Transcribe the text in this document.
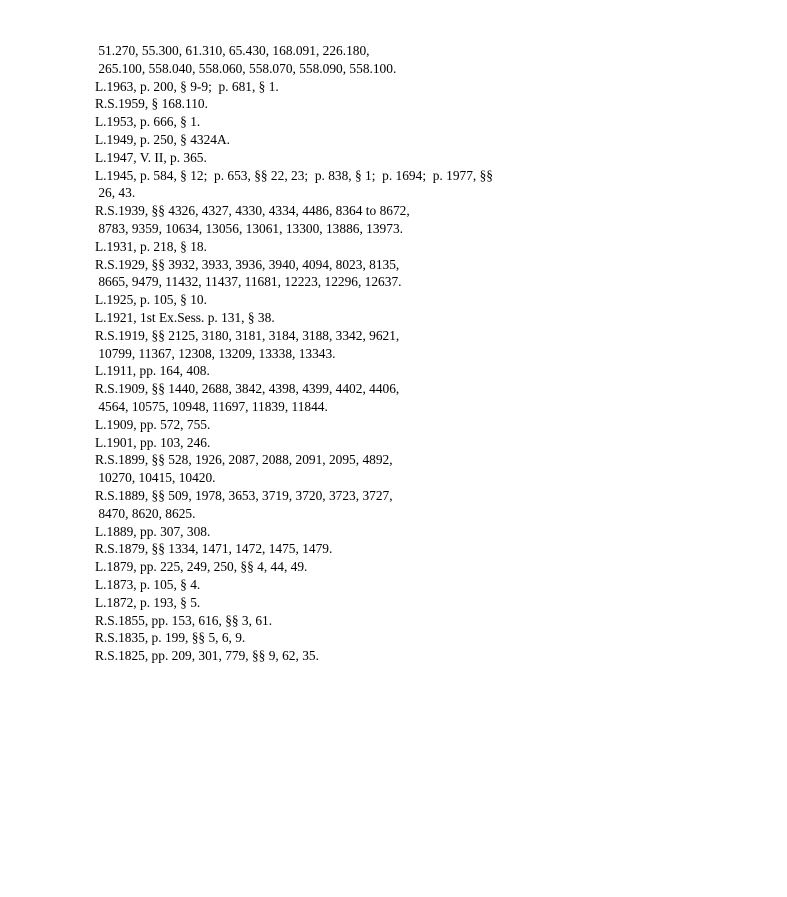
51.270, 55.300, 61.310, 65.430, 168.091, 226.180,
265.100, 558.040, 558.060, 558.070, 558.090, 558.100.
L.1963, p. 200, § 9-9;  p. 681, § 1.
R.S.1959, § 168.110.
L.1953, p. 666, § 1.
L.1949, p. 250, § 4324A.
L.1947, V. II, p. 365.
L.1945, p. 584, § 12;  p. 653, §§ 22, 23;  p. 838, § 1;  p. 1694;  p. 1977, §§
26, 43.
R.S.1939, §§ 4326, 4327, 4330, 4334, 4486, 8364 to 8672,
8783, 9359, 10634, 13056, 13061, 13300, 13886, 13973.
L.1931, p. 218, § 18.
R.S.1929, §§ 3932, 3933, 3936, 3940, 4094, 8023, 8135,
8665, 9479, 11432, 11437, 11681, 12223, 12296, 12637.
L.1925, p. 105, § 10.
L.1921, 1st Ex.Sess. p. 131, § 38.
R.S.1919, §§ 2125, 3180, 3181, 3184, 3188, 3342, 9621,
10799, 11367, 12308, 13209, 13338, 13343.
L.1911, pp. 164, 408.
R.S.1909, §§ 1440, 2688, 3842, 4398, 4399, 4402, 4406,
4564, 10575, 10948, 11697, 11839, 11844.
L.1909, pp. 572, 755.
L.1901, pp. 103, 246.
R.S.1899, §§ 528, 1926, 2087, 2088, 2091, 2095, 4892,
10270, 10415, 10420.
R.S.1889, §§ 509, 1978, 3653, 3719, 3720, 3723, 3727,
8470, 8620, 8625.
L.1889, pp. 307, 308.
R.S.1879, §§ 1334, 1471, 1472, 1475, 1479.
L.1879, pp. 225, 249, 250, §§ 4, 44, 49.
L.1873, p. 105, § 4.
L.1872, p. 193, § 5.
R.S.1855, pp. 153, 616, §§ 3, 61.
R.S.1835, p. 199, §§ 5, 6, 9.
R.S.1825, pp. 209, 301, 779, §§ 9, 62, 35.
